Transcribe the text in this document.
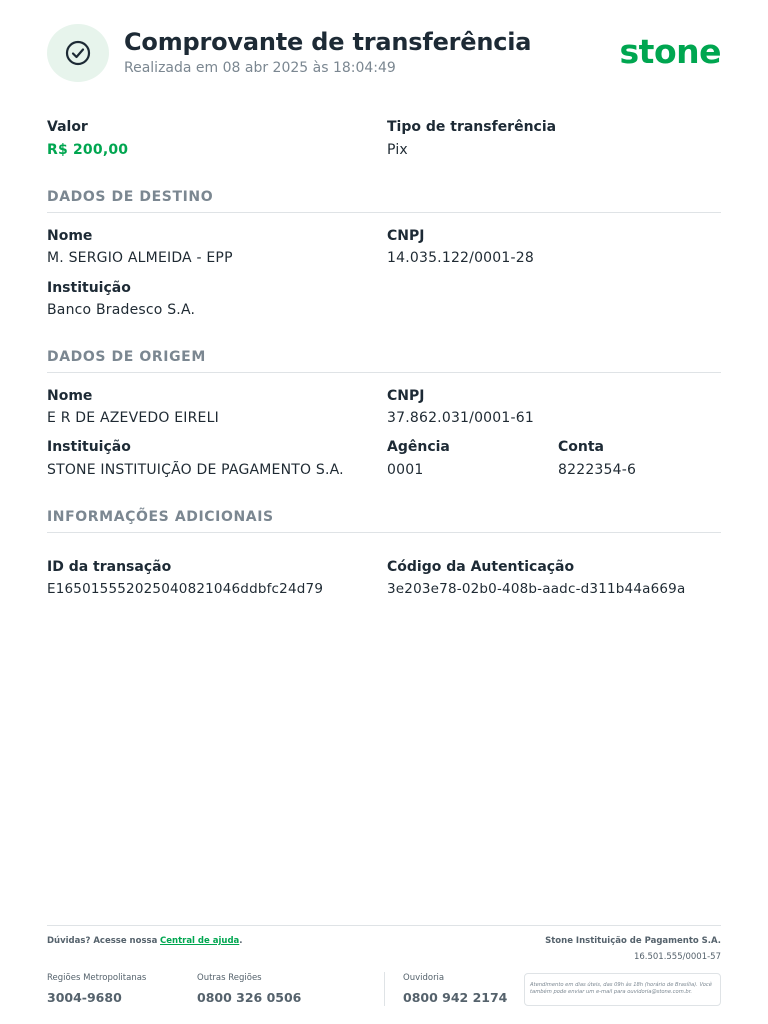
Comprovante de transferência
Realizada em 08 abr 2025 às 18:04:49	stone
Valor
R$ 200,00
Tipo de transferência
Pix
DADOS DE DESTINO
Nome
M. SERGIO ALMEIDA - EPP
CNPJ
14.035.122/0001-28
Instituição
Banco Bradesco S.A.
DADOS DE ORIGEM
Nome
E R DE AZEVEDO EIRELI
CNPJ
37.862.031/0001-61
Instituição
STONE INSTITUIÇÃO DE PAGAMENTO S.A.
Agência
0001
Conta
8222354-6
INFORMAÇÕES ADICIONAIS
ID da transação
E16501555202504082104​6ddbfc24d79
Código da Autenticação
3e203e78-02b0-408b-aadc-d311b44a669a
Dúvidas? Acesse nossa Central de ajuda.	Stone Instituição de Pagamento S.A.
16.501.555/0001-57
Regiões Metropolitanas
3004-9680
Outras Regiões
0800 326 0506
Ouvidoria
0800 942 2174
Atendimento em dias úteis, das 09h às 18h (horário de Brasília). Você também pode enviar um e-mail para ouvidoria@stone.com.br.
